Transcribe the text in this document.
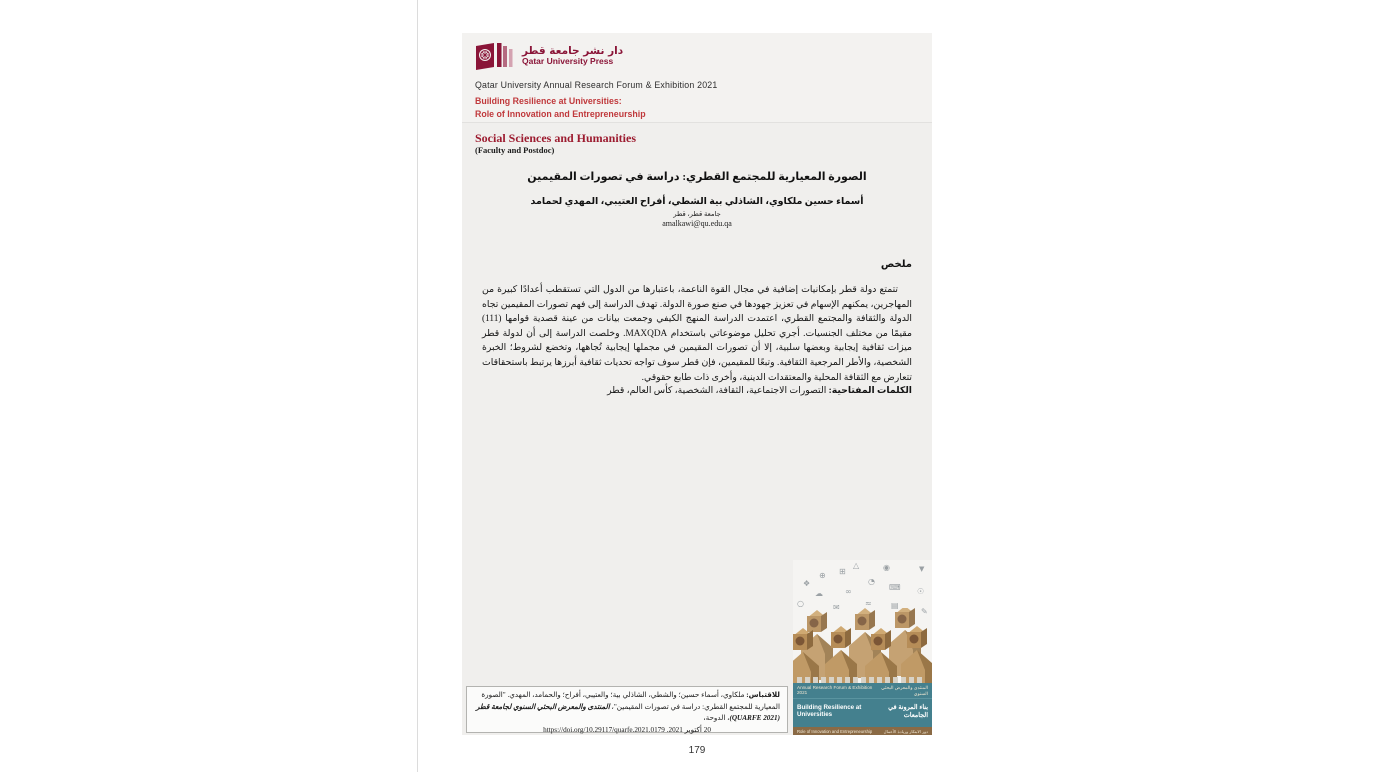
دار نشر جامعة قطر
Qatar University Press
Qatar University Annual Research Forum & Exhibition 2021
Building Resilience at Universities:
Role of Innovation and Entrepreneurship
Social Sciences and Humanities
(Faculty and Postdoc)
الصورة المعيارية للمجتمع القطري: دراسة في تصورات المقيمين
أسماء حسين ملكاوي، الشاذلي بية الشطي، أفراح العتيبي، المهدي لحمامد
جامعة قطر، قطر
amalkawi@qu.edu.qa
ملخص
تتمتع دولة قطر بإمكانيات إضافية في مجال القوة الناعمة، باعتبارها من الدول التي تستقطب أعدادًا كبيرة من المهاجرين، يمكنهم الإسهام في تعزيز جهودها في صنع صورة الدولة. تهدف الدراسة إلى فهم تصورات المقيمين تجاه الدولة والثقافة والمجتمع القطري، اعتمدت الدراسة المنهج الكيفي وجمعت بيانات من عينة قصدية قوامها (111) مقيمًا من مختلف الجنسيات. أجري تحليل موضوعاتي باستخدام MAXQDA. وخلصت الدراسة إلى أن لدولة قطر ميزات ثقافية إيجابية وبعضها سلبية، إلا أن تصورات المقيمين في مجملها إيجابية تُجاهها، وتخضع لشروط؛ الخبرة الشخصية، والأطر المرجعية الثقافية. وتبعًا للمقيمين، فإن قطر سوف تواجه تحديات ثقافية أبرزها يرتبط باستحقاقات تتعارض مع الثقافة المحلية والمعتقدات الدينية، وأخرى ذات طابع حقوقي.
الكلمات المفتاحية: التصورات الاجتماعية، الثقافة، الشخصية، كأس العالم، قطر
للاقتباس: ملكاوي، أسماء حسين؛ والشطي، الشاذلي بية؛ والعتيبي، أفراح؛ والحمامد، المهدي. "الصورة المعيارية للمجتمع القطري: دراسة في تصورات المقيمين"، المنتدى والمعرض البحثي السنوي لجامعة قطر (QUARFE 2021)، الدوحة،
20 أكتوبر 2021. https://doi.org/10.29117/quarfe.2021.0179
○
☁
⊕ ⊞
△
∞
◔
◉
⌨
≈ ▤
▼
☉
✉
❖
✎
Annual Research Forum & Exhibition 2021
المنتدى والمعرض البحثي السنوي
Building Resilience at Universities
بناء المرونة في الجامعات
Role of Innovation and Entrepreneurship	دور الابتكار وريادة الأعمال
179
